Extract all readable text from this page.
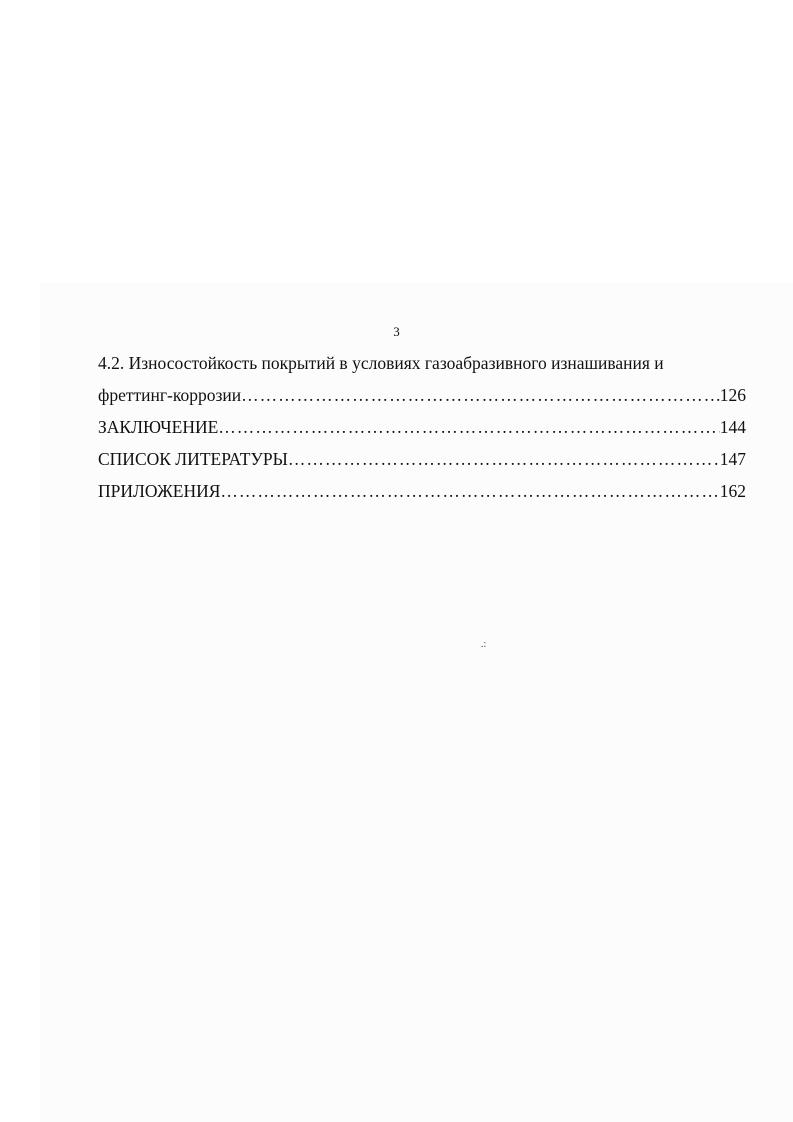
3
4.2. Износостойкость покрытий в условиях газоабразивного изнашивания и
фреттинг-коррозии ………………………………………………………………………………………………………………………………	126
ЗАКЛЮЧЕНИЕ ………………………………………………………………………………………………………………………………	144
СПИСОК ЛИТЕРАТУРЫ ………………………………………………………………………………………………………………………………	147
ПРИЛОЖЕНИЯ ………………………………………………………………………………………………………………………………	162
.:
